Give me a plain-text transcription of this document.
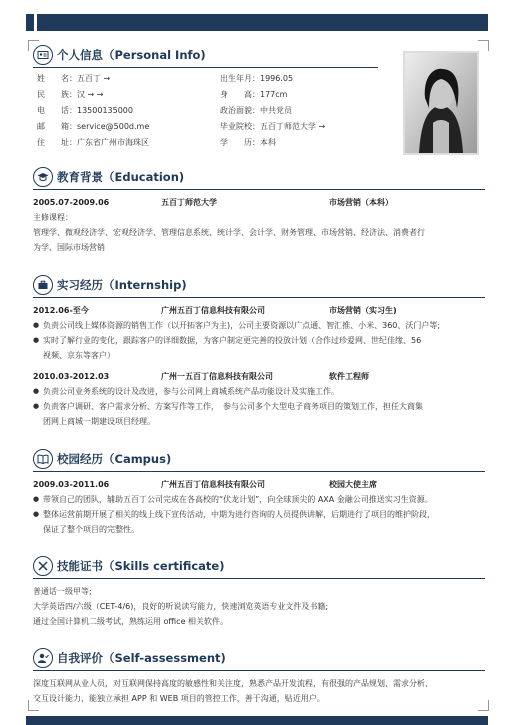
个人信息（Personal Info)
姓　　名：五百丁 →
民　　族：汉 → →
电　　话：13500135000
邮　　箱：service@500d.me
住　　址：广东省广州市海珠区
出生年月：1996.05
身　　高：177cm
政治面貌：中共党员
毕业院校：五百丁师范大学 →
学　　历：本科
教育背景（Education)
2005.07-2009.06	五百丁师范大学	市场营销（本科）
主修课程：
管理学、微观经济学、宏观经济学、管理信息系统、统计学、会计学、财务管理、市场营销、经济法、消费者行
为学、国际市场营销
实习经历（Internship)
2012.06-至今	广州五百丁信息科技有限公司	市场营销（实习生)
● 负责公司线上媒体资源的销售工作（以开拓客户为主)，公司主要资源以广点通、智汇推、小米、360、沃门户等;
● 实时了解行业的变化，跟踪客户的详细数据，为客户制定更完善的投放计划（合作过珍爱网、世纪佳缘、56
视频、京东等客户）
2010.03-2012.03	广州一五百丁信息科技有限公司	软件工程师
● 负责公司业务系统的设计及改进，参与公司网上商城系统产品功能设计及实施工作。
● 负责客户调研、客户需求分析、方案写作等工作，　参与公司多个大型电子商务项目的策划工作，担任大商集
团网上商城一期建设项目经理。
校园经历（Campus)
2009.03-2011.06	广州五百丁信息科技有限公司	校园大使主席
● 带领自己的团队，辅助五百丁公司完成在各高校的“伏龙计划”，向全球顶尖的 AXA 金融公司推送实习生资源。
● 整体运营前期开展了相关的线上线下宣传活动，中期为进行咨询的人员提供讲解，后期进行了项目的维护阶段，
保证了整个项目的完整性。
技能证书（Skills certificate)
普通话一级甲等;
大学英语四/六级（CET-4/6)，良好的听说读写能力，快速浏览英语专业文件及书籍;
通过全国计算机二级考试，熟练运用 office 相关软件。
自我评价（Self-assessment)
深度互联网从业人员，对互联网保持高度的敏感性和关注度，熟悉产品开发流程，有很强的产品规划、需求分析、
交互设计能力，能独立承担 APP 和 WEB 项目的管控工作，善于沟通，贴近用户。
